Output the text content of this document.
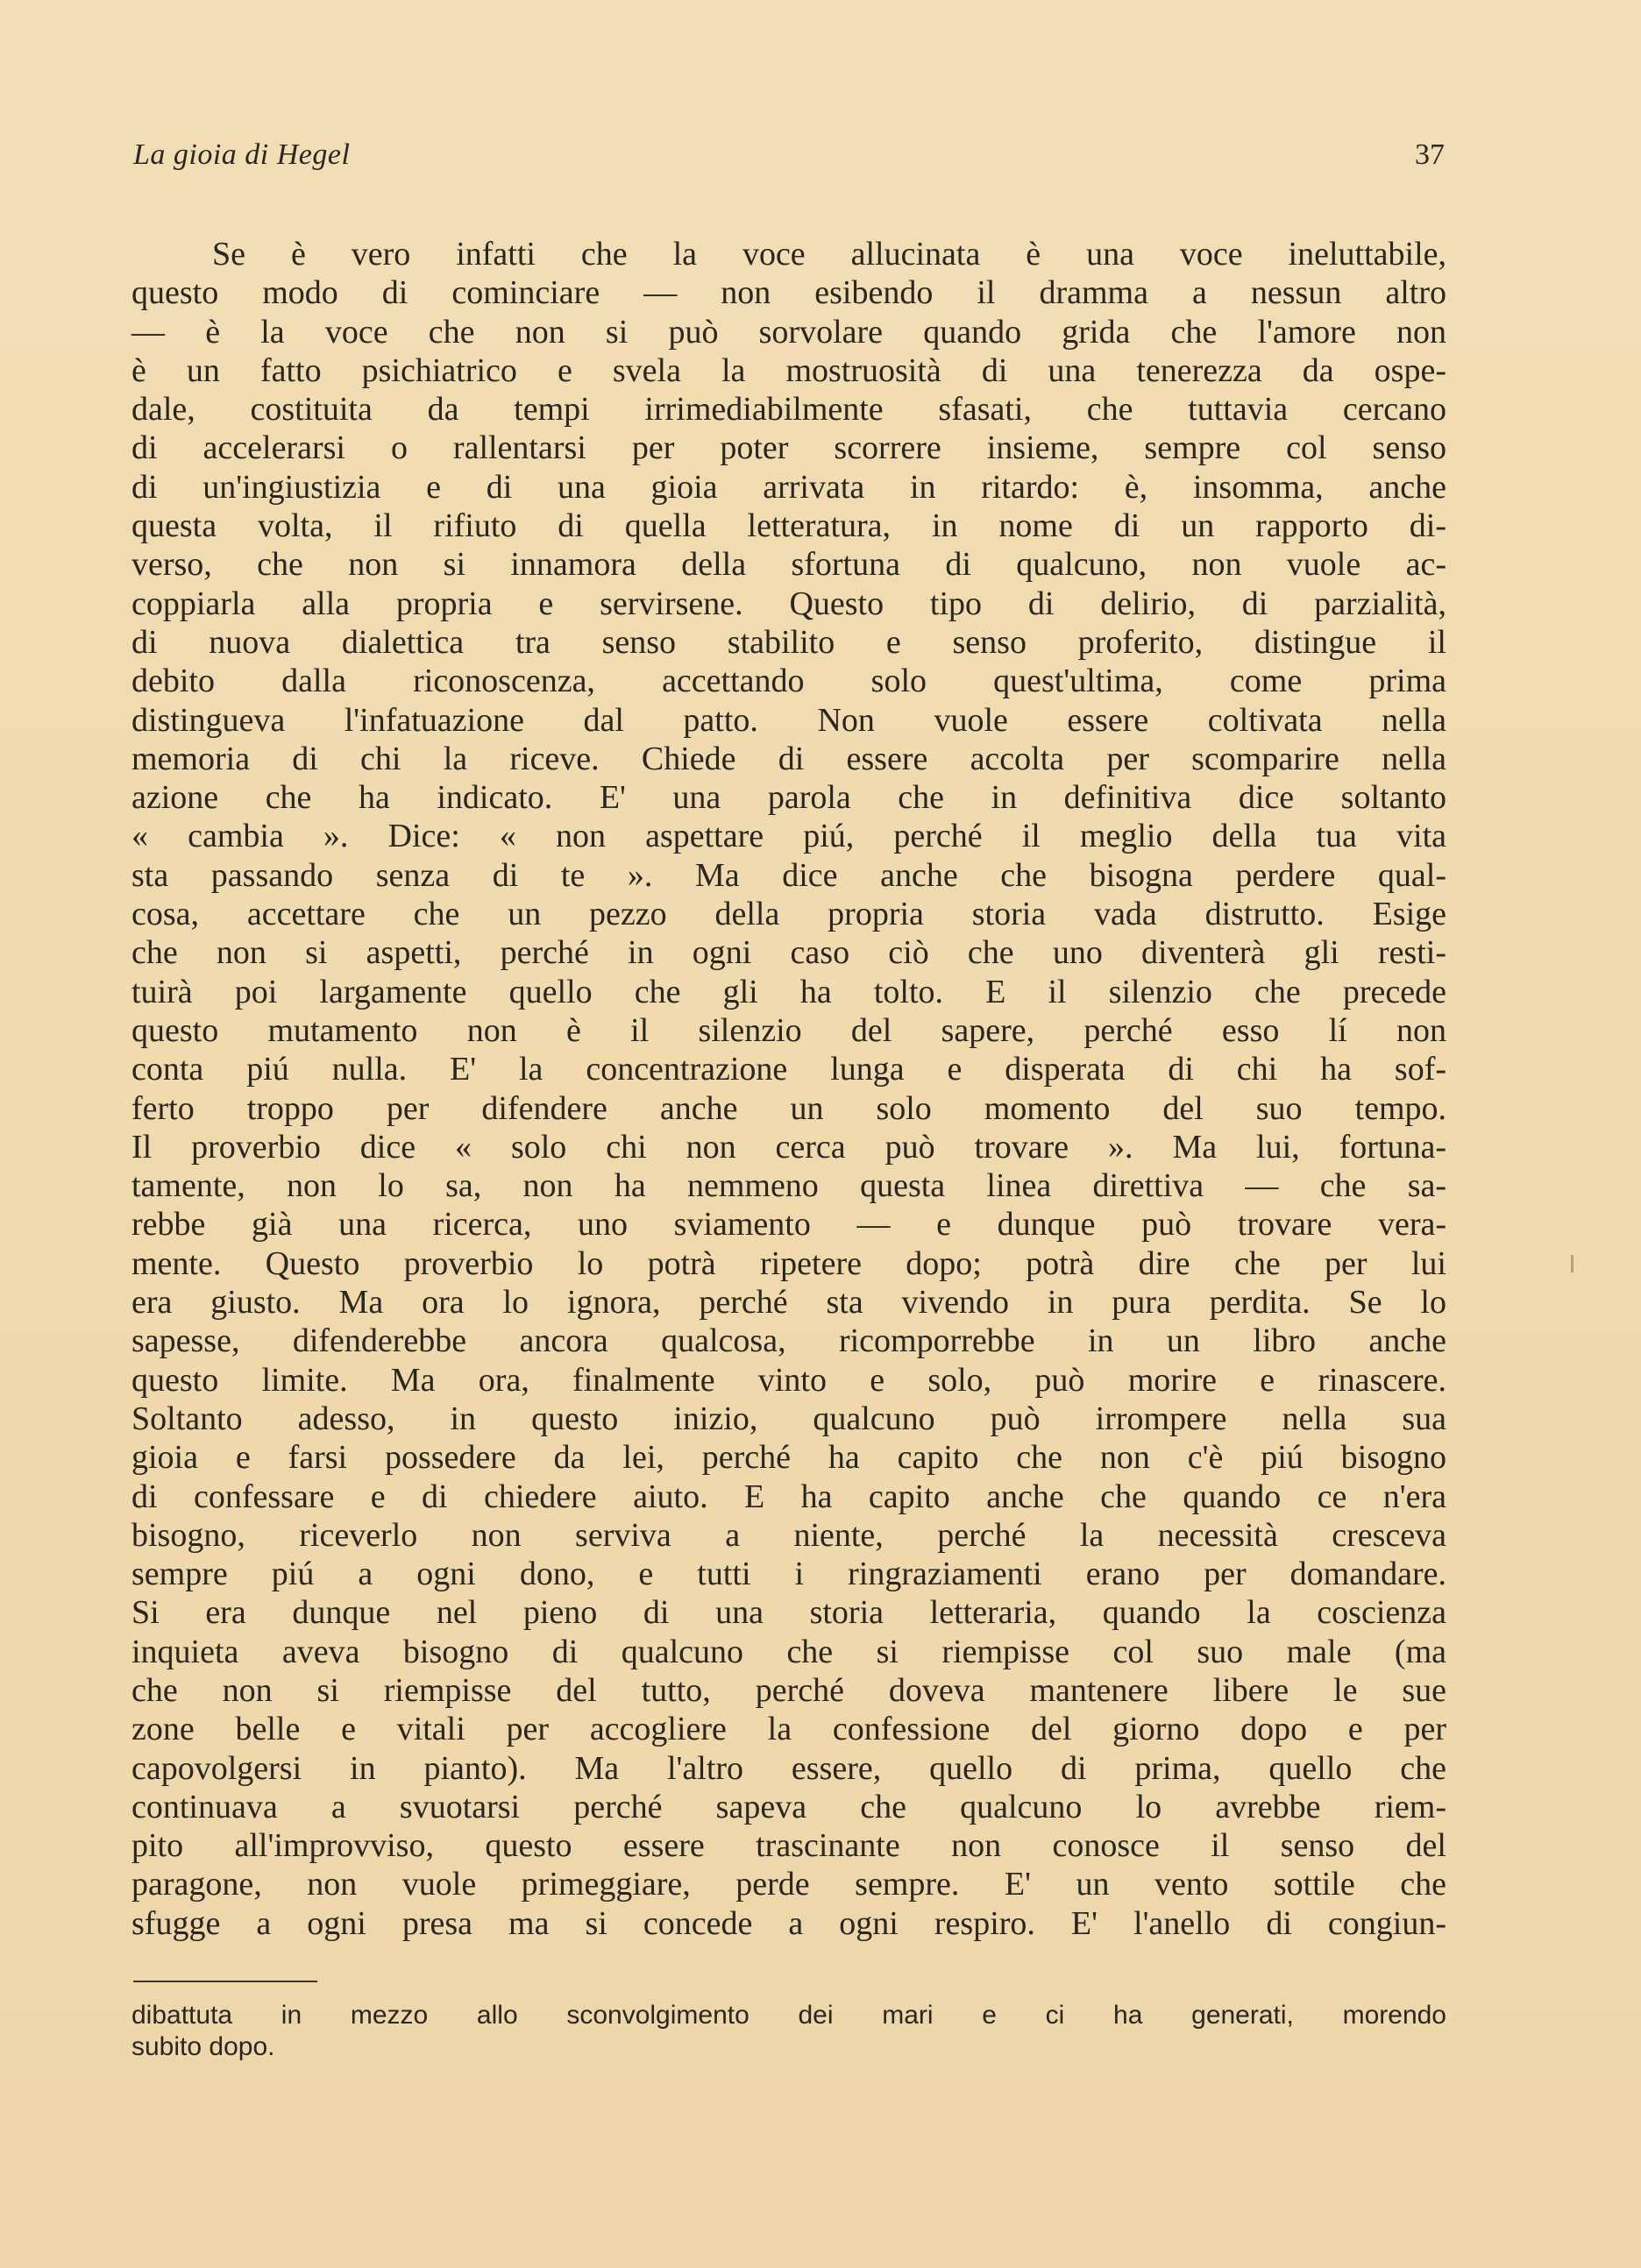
La gioia di Hegel	37
Se è vero infatti che la voce allucinata è una voce ineluttabile,
questo modo di cominciare — non esibendo il dramma a nessun altro
— è la voce che non si può sorvolare quando grida che l'amore non
è un fatto psichiatrico e svela la mostruosità di una tenerezza da ospe-
dale, costituita da tempi irrimediabilmente sfasati, che tuttavia cercano
di accelerarsi o rallentarsi per poter scorrere insieme, sempre col senso
di un'ingiustizia e di una gioia arrivata in ritardo: è, insomma, anche
questa volta, il rifiuto di quella letteratura, in nome di un rapporto di-
verso, che non si innamora della sfortuna di qualcuno, non vuole ac-
coppiarla alla propria e servirsene. Questo tipo di delirio, di parzialità,
di nuova dialettica tra senso stabilito e senso proferito, distingue il
debito dalla riconoscenza, accettando solo quest'ultima, come prima
distingueva l'infatuazione dal patto. Non vuole essere coltivata nella
memoria di chi la riceve. Chiede di essere accolta per scomparire nella
azione che ha indicato. E' una parola che in definitiva dice soltanto
« cambia ». Dice: « non aspettare piú, perché il meglio della tua vita
sta passando senza di te ». Ma dice anche che bisogna perdere qual-
cosa, accettare che un pezzo della propria storia vada distrutto. Esige
che non si aspetti, perché in ogni caso ciò che uno diventerà gli resti-
tuirà poi largamente quello che gli ha tolto. E il silenzio che precede
questo mutamento non è il silenzio del sapere, perché esso lí non
conta piú nulla. E' la concentrazione lunga e disperata di chi ha sof-
ferto troppo per difendere anche un solo momento del suo tempo.
Il proverbio dice « solo chi non cerca può trovare ». Ma lui, fortuna-
tamente, non lo sa, non ha nemmeno questa linea direttiva — che sa-
rebbe già una ricerca, uno sviamento — e dunque può trovare vera-
mente. Questo proverbio lo potrà ripetere dopo; potrà dire che per lui
era giusto. Ma ora lo ignora, perché sta vivendo in pura perdita. Se lo
sapesse, difenderebbe ancora qualcosa, ricomporrebbe in un libro anche
questo limite. Ma ora, finalmente vinto e solo, può morire e rinascere.
Soltanto adesso, in questo inizio, qualcuno può irrompere nella sua
gioia e farsi possedere da lei, perché ha capito che non c'è piú bisogno
di confessare e di chiedere aiuto. E ha capito anche che quando ce n'era
bisogno, riceverlo non serviva a niente, perché la necessità cresceva
sempre piú a ogni dono, e tutti i ringraziamenti erano per domandare.
Si era dunque nel pieno di una storia letteraria, quando la coscienza
inquieta aveva bisogno di qualcuno che si riempisse col suo male (ma
che non si riempisse del tutto, perché doveva mantenere libere le sue
zone belle e vitali per accogliere la confessione del giorno dopo e per
capovolgersi in pianto). Ma l'altro essere, quello di prima, quello che
continuava a svuotarsi perché sapeva che qualcuno lo avrebbe riem-
pito all'improvviso, questo essere trascinante non conosce il senso del
paragone, non vuole primeggiare, perde sempre. E' un vento sottile che
sfugge a ogni presa ma si concede a ogni respiro. E' l'anello di congiun-
dibattuta in mezzo allo sconvolgimento dei mari e ci ha generati, morendo
subito dopo.
